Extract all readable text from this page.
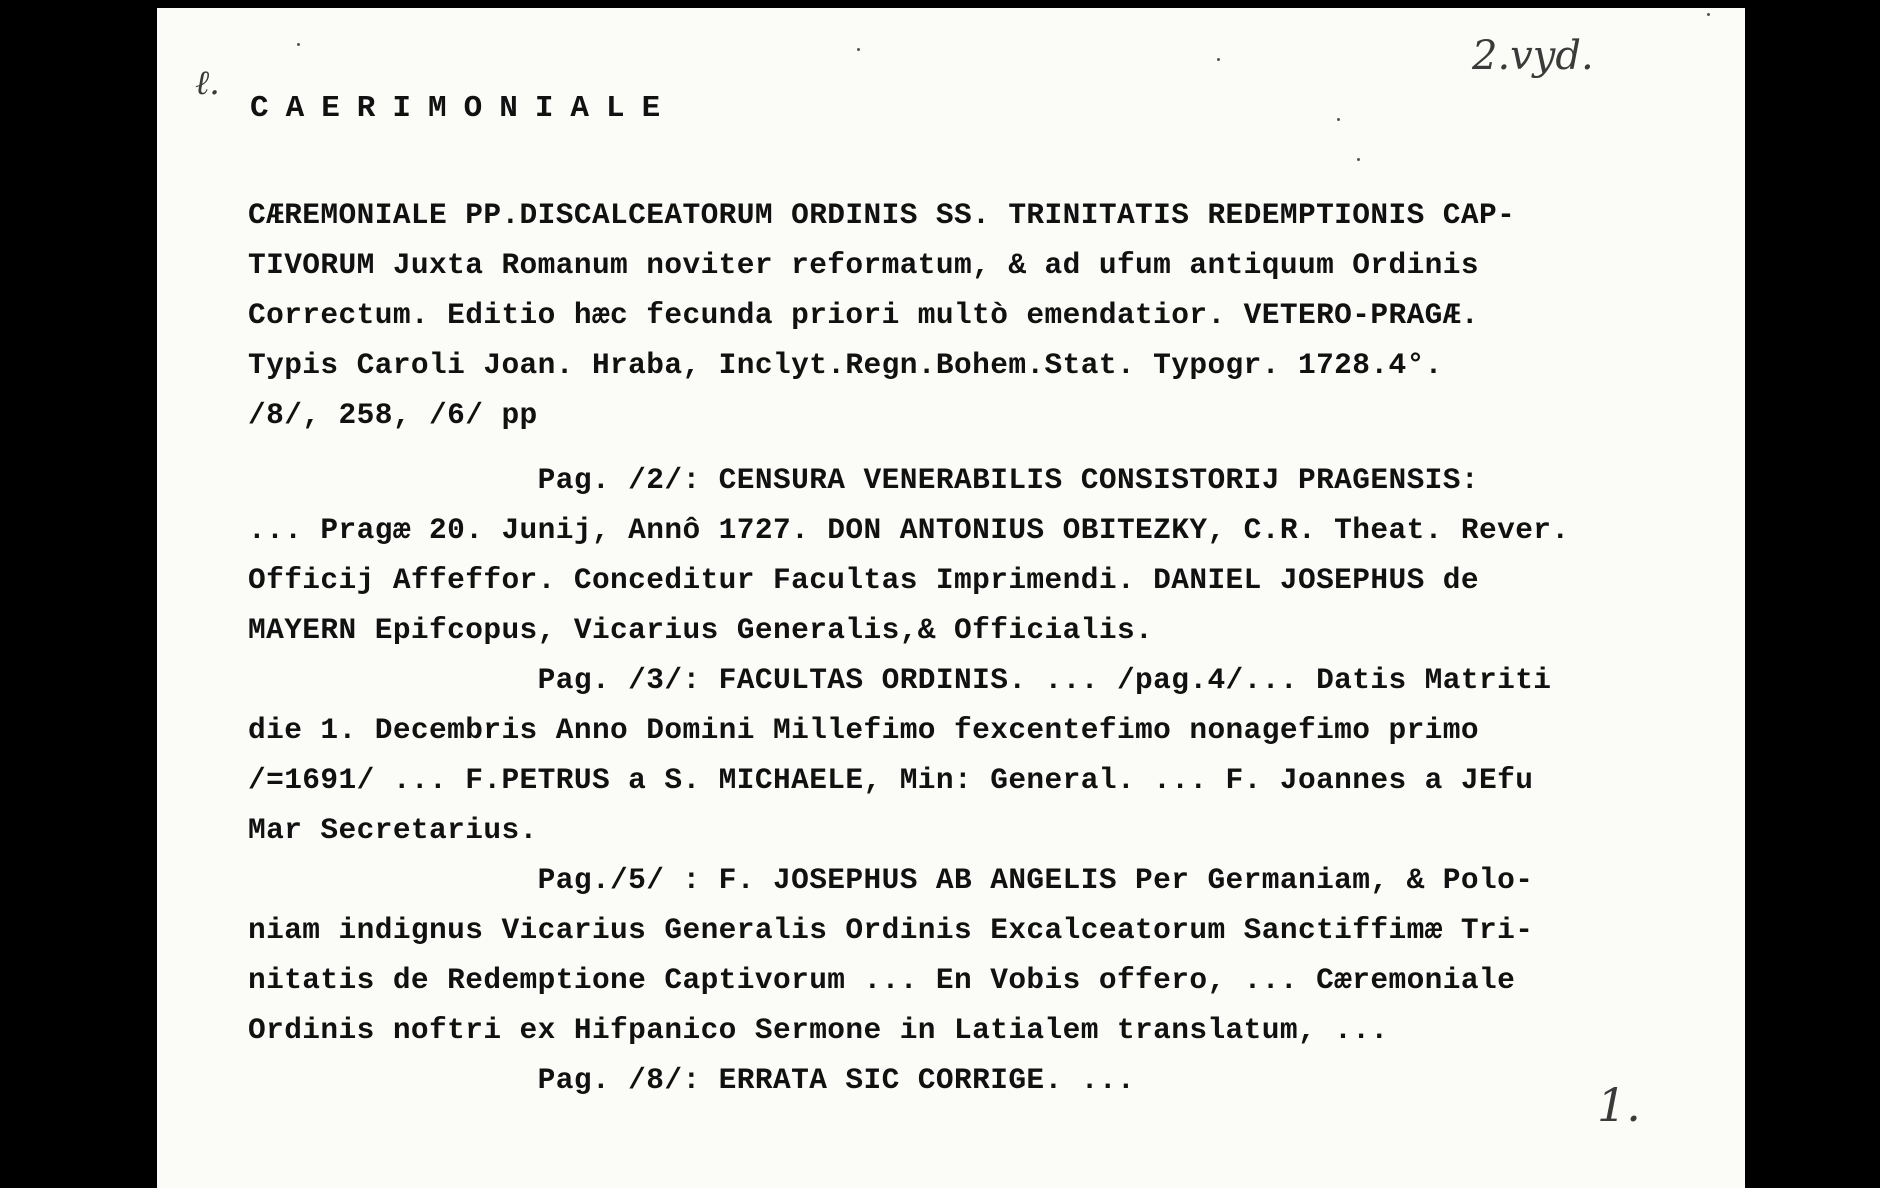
ℓ.
2.vyd.
1.
CAERIMONIALE
CÆREMONIALE PP.DISCALCEATORUM ORDINIS SS. TRINITATIS REDEMPTIONIS CAP-
TIVORUM Juxta Romanum noviter reformatum, & ad ufum antiquum Ordinis
Correctum. Editio hæc fecunda priori multò emendatior. VETERO-PRAGÆ.
Typis Caroli Joan. Hraba, Inclyt.Regn.Bohem.Stat. Typogr. 1728.4°.
/8/, 258, /6/ pp
Pag. /2/: CENSURA VENERABILIS CONSISTORIJ PRAGENSIS:
... Pragæ 20. Junij, Annô 1727. DON ANTONIUS OBITEZKY, C.R. Theat. Rever.
Officij Affeffor. Conceditur Facultas Imprimendi. DANIEL JOSEPHUS de
MAYERN Epifcopus, Vicarius Generalis,& Officialis.
Pag. /3/: FACULTAS ORDINIS. ... /pag.4/... Datis Matriti
die 1. Decembris Anno Domini Millefimo fexcentefimo nonagefimo primo
/=1691/ ... F.PETRUS a S. MICHAELE, Min: General. ... F. Joannes a JEfu
Mar Secretarius.
Pag./5/ : F. JOSEPHUS AB ANGELIS Per Germaniam, & Polo-
niam indignus Vicarius Generalis Ordinis Excalceatorum Sanctiffimæ Tri-
nitatis de Redemptione Captivorum ... En Vobis offero, ... Cæremoniale
Ordinis noftri ex Hifpanico Sermone in Latialem translatum, ...
Pag. /8/: ERRATA SIC CORRIGE. ...
